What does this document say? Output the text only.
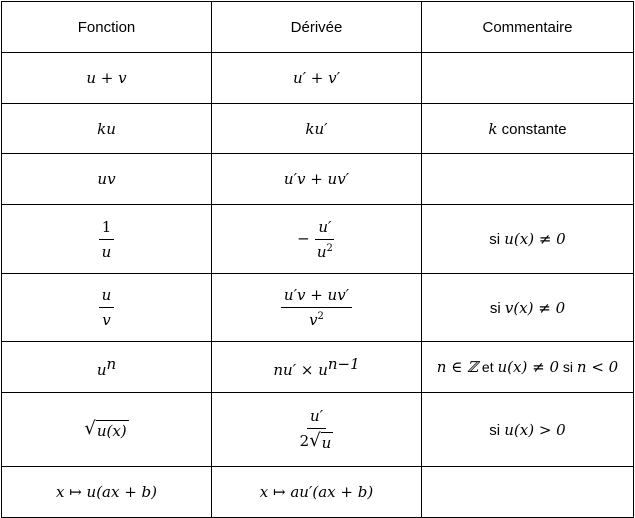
Fonction	Dérivée	Commentaire
u + v	u′ + v′	
ku	ku′	k constante
uv	u′v + uv′	

$\frac{1}{u}$	− $\frac{u'}{u^2}$	si u(x) ≠ 0

$\frac{u}{v}$	$\frac{u'v + uv'}{v^2}$	si v(x) ≠ 0
$u^n$	$nu' \times u^{n-1}$	n ∈ ℤ et u(x) ≠ 0 si n < 0

√ u(x)	$\frac{u'}{2 √ u}$	si u(x) > 0
x ↦ u(ax + b)	x ↦ au′(ax + b)	
